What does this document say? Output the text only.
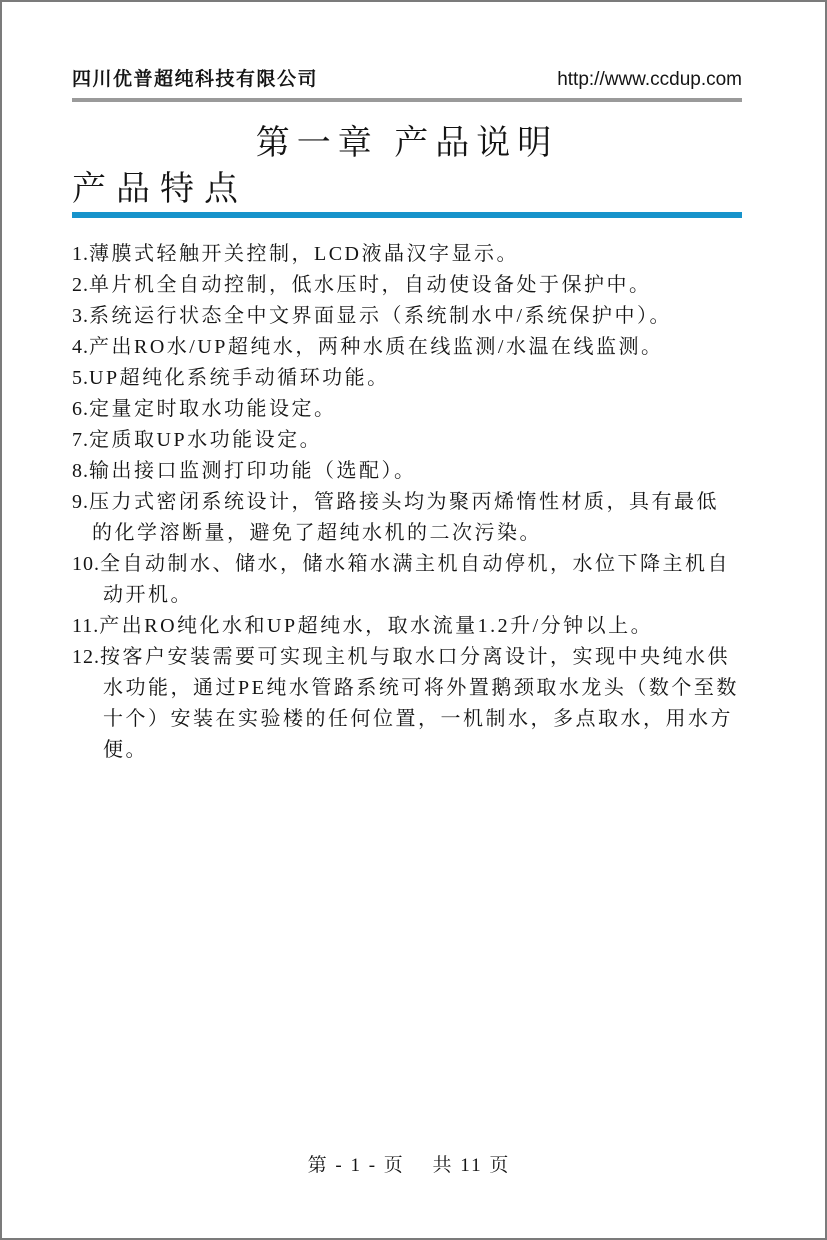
四川优普超纯科技有限公司	http://www.ccdup.com
第一章 产品说明
产品特点
1.薄膜式轻触开关控制，LCD液晶汉字显示。
2.单片机全自动控制，低水压时，自动使设备处于保护中。
3.系统运行状态全中文界面显示（系统制水中/系统保护中）。
4.产出RO水/UP超纯水，两种水质在线监测/水温在线监测。
5.UP超纯化系统手动循环功能。
6.定量定时取水功能设定。
7.定质取UP水功能设定。
8.输出接口监测打印功能（选配）。
9.压力式密闭系统设计，管路接头均为聚丙烯惰性材质，具有最低
的化学溶断量，避免了超纯水机的二次污染。
10.全自动制水、储水，储水箱水满主机自动停机，水位下降主机自
动开机。
11.产出RO纯化水和UP超纯水，取水流量1.2升/分钟以上。
12.按客户安装需要可实现主机与取水口分离设计，实现中央纯水供
水功能，通过PE纯水管路系统可将外置鹅颈取水龙头（数个至数
十个）安装在实验楼的任何位置，一机制水，多点取水，用水方
便。
第 - 1 - 页　 共 11 页
